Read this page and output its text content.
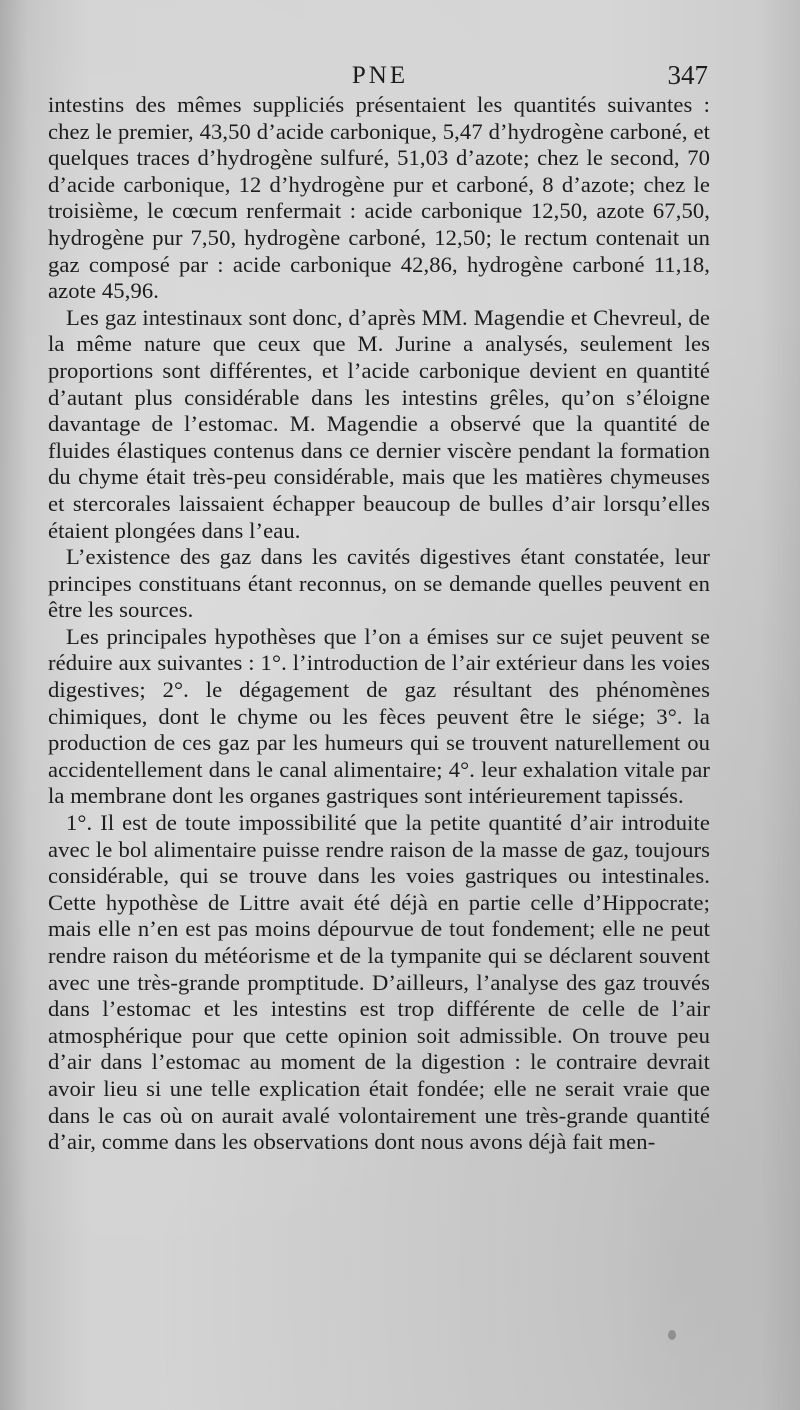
PNE	347

intestins des mêmes suppliciés présentaient les quantités suivantes : chez le premier, 43,50 d’acide carbonique, 5,47 d’hydrogène carboné, et quelques traces d’hydrogène sulfuré, 51,03 d’azote; chez le second, 70 d’acide carbonique, 12 d’hydrogène pur et carboné, 8 d’azote; chez le troisième, le cœcum renfermait : acide carbonique 12,50, azote 67,50, hydrogène pur 7,50, hydrogène carboné, 12,50; le rectum contenait un gaz composé par : acide carbonique 42,86, hydrogène carboné 11,18, azote 45,96.

Les gaz intestinaux sont donc, d’après MM. Magendie et Chevreul, de la même nature que ceux que M. Jurine a analysés, seulement les proportions sont différentes, et l’acide carbonique devient en quantité d’autant plus considérable dans les intestins grêles, qu’on s’éloigne davantage de l’estomac. M. Magendie a observé que la quantité de fluides élastiques contenus dans ce dernier viscère pendant la formation du chyme était très-peu considérable, mais que les matières chymeuses et stercorales laissaient échapper beaucoup de bulles d’air lorsqu’elles étaient plongées dans l’eau.

L’existence des gaz dans les cavités digestives étant constatée, leur principes constituans étant reconnus, on se demande quelles peuvent en être les sources.

Les principales hypothèses que l’on a émises sur ce sujet peuvent se réduire aux suivantes : 1°. l’introduction de l’air extérieur dans les voies digestives; 2°. le dégagement de gaz résultant des phénomènes chimiques, dont le chyme ou les fèces peuvent être le siége; 3°. la production de ces gaz par les humeurs qui se trouvent naturellement ou accidentellement dans le canal alimentaire; 4°. leur exhalation vitale par la membrane dont les organes gastriques sont intérieurement tapissés.

1°. Il est de toute impossibilité que la petite quantité d’air introduite avec le bol alimentaire puisse rendre raison de la masse de gaz, toujours considérable, qui se trouve dans les voies gastriques ou intestinales. Cette hypothèse de Littre avait été déjà en partie celle d’Hippocrate; mais elle n’en est pas moins dépourvue de tout fondement; elle ne peut rendre raison du météorisme et de la tympanite qui se déclarent souvent avec une très-grande promptitude. D’ailleurs, l’analyse des gaz trouvés dans l’estomac et les intestins est trop différente de celle de l’air atmosphérique pour que cette opinion soit admissible. On trouve peu d’air dans l’estomac au moment de la digestion : le contraire devrait avoir lieu si une telle explication était fondée; elle ne serait vraie que dans le cas où on aurait avalé volontairement une très-grande quantité d’air, comme dans les observations dont nous avons déjà fait men-
